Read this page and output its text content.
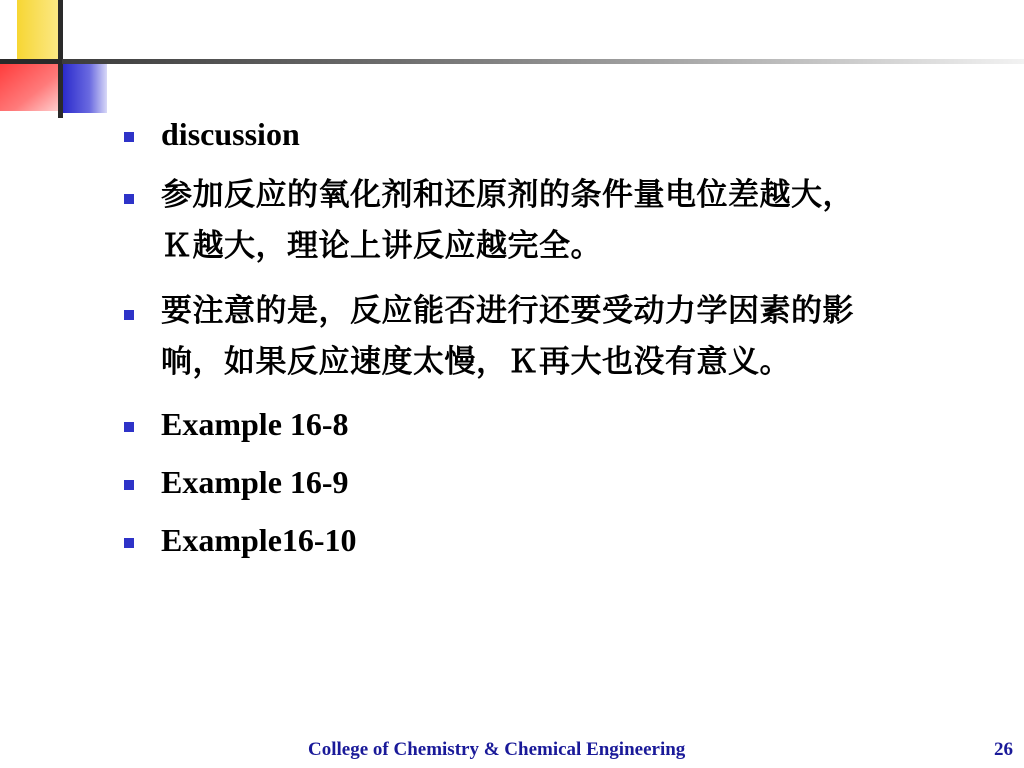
discussion
参加反应的氧化剂和还原剂的条件量电位差越大，Ｋ越大，理论上讲反应越完全。
要注意的是，反应能否进行还要受动力学因素的影响，如果反应速度太慢，Ｋ再大也没有意义。
Example 16-8
Example 16-9
Example16-10
College of Chemistry & Chemical Engineering	26
